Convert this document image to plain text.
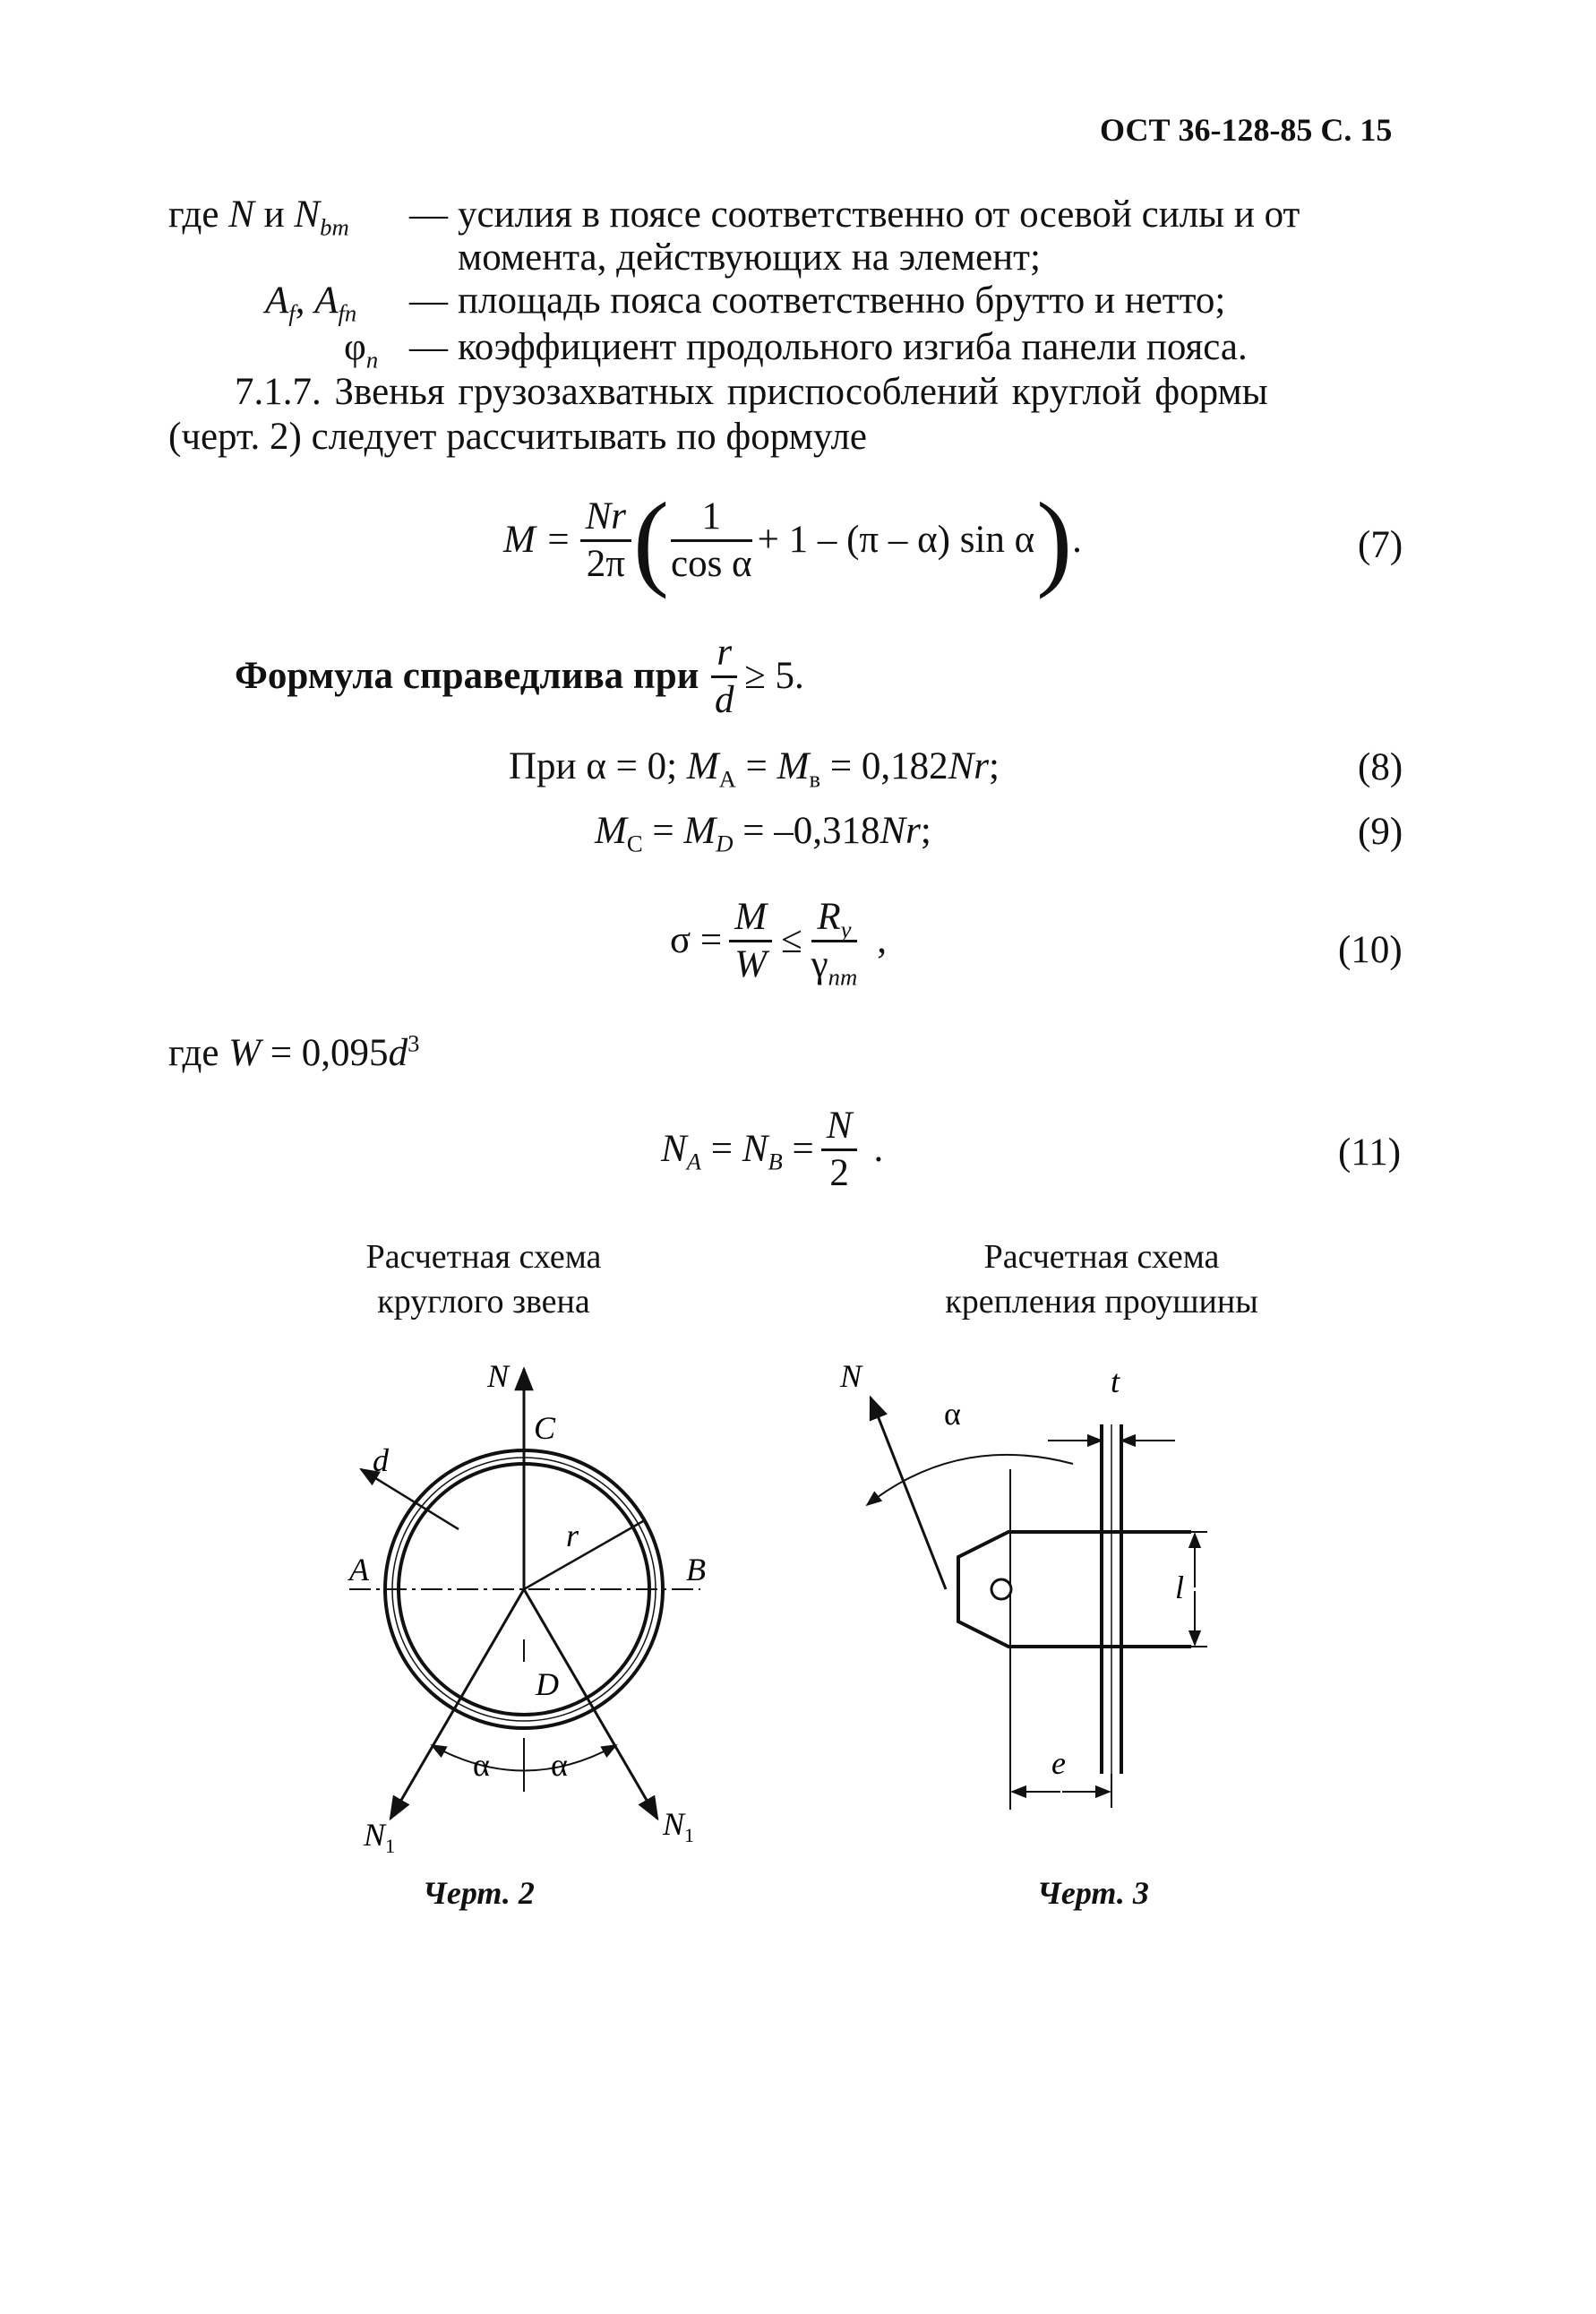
ОСТ 36-128-85 С. 15
где N и $N_{bm}$ — усилия в поясе соответственно от осевой силы и от
момента, действующих на элемент;
$A_f$, $A_{fn}$ — площадь пояса соответственно брутто и нетто;
$\varphi_n$ — коэффициент продольного изгиба панели пояса.
7.1.7. Звенья грузозахватных приспособлений круглой формы
(черт. 2) следует рассчитывать по формуле
$M = \frac{Nr}{2\pi}$ ( $\frac{1}{\text{cos α}} + 1 - (\pi - \alpha)$ sin α ) .	(7)
Формула справедлива при $\frac{r}{d} \ge 5$.
При α = 0; $M_A = M_в = 0,182Nr$;	(8)
$M_C = M_D = -0,318Nr$;	(9)
$\sigma = \frac{M}{W} \le \frac{R_y}{\gamma_{nm}}$ ,	(10)
где $W = 0,095d^3$
$N_A = N_B = \frac{N}{2}$ .	(11)
Расчетная схема
круглого звена
Расчетная схема
крепления проушины
N
C
d
r
A	B
D
α α
$N_1$
$N_1$
N
α
t
l
e
Черт. 2	Черт. 3
